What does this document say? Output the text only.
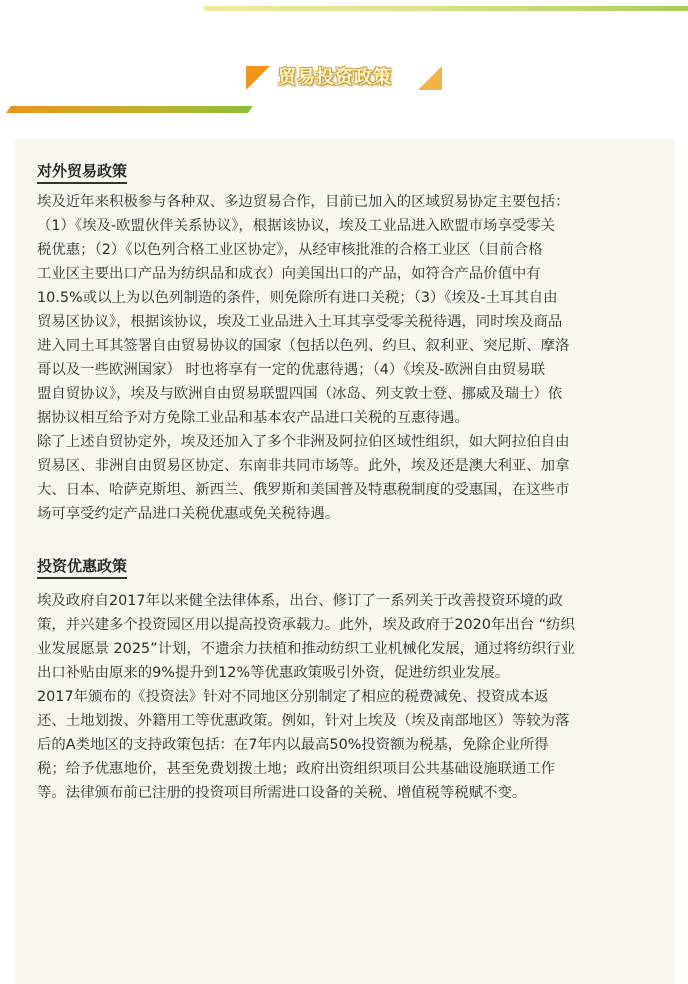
贸易投资政策
对外贸易政策

埃及近年来积极参与各种双、多边贸易合作，目前已加入的区域贸易协定主要包括：
（1）《埃及-欧盟伙伴关系协议》，根据该协议，埃及工业品进入欧盟市场享受零关
税优惠；（2）《以色列合格工业区协定》，从经审核批准的合格工业区（目前合格
工业区主要出口产品为纺织品和成衣）向美国出口的产品，如符合产品价值中有
10.5%或以上为以色列制造的条件，则免除所有进口关税；（3）《埃及-土耳其自由
贸易区协议》，根据该协议，埃及工业品进入土耳其享受零关税待遇，同时埃及商品
进入同土耳其签署自由贸易协议的国家（包括以色列、约旦、叙利亚、突尼斯、摩洛
哥以及一些欧洲国家） 时也将享有一定的优惠待遇；（4）《埃及-欧洲自由贸易联
盟自贸协议》，埃及与欧洲自由贸易联盟四国（冰岛、列支敦士登、挪威及瑞士）依
据协议相互给予对方免除工业品和基本农产品进口关税的互惠待遇。

除了上述自贸协定外，埃及还加入了多个非洲及阿拉伯区域性组织，如大阿拉伯自由
贸易区、非洲自由贸易区协定、东南非共同市场等。此外，埃及还是澳大利亚、加拿
大、日本、哈萨克斯坦、新西兰、俄罗斯和美国普及特惠税制度的受惠国，在这些市
场可享受约定产品进口关税优惠或免关税待遇。

投资优惠政策

埃及政府自2017年以来健全法律体系，出台、修订了一系列关于改善投资环境的政
策，并兴建多个投资园区用以提高投资承载力。此外，埃及政府于2020年出台 “纺织
业发展愿景 2025”计划，不遗余力扶植和推动纺织工业机械化发展，通过将纺织行业
出口补贴由原来的9%提升到12%等优惠政策吸引外资，促进纺织业发展。

2017年颁布的《投资法》针对不同地区分别制定了相应的税费减免、投资成本返
还、土地划拨、外籍用工等优惠政策。例如，针对上埃及（埃及南部地区）等较为落
后的A类地区的支持政策包括：在7年内以最高50%投资额为税基，免除企业所得
税；给予优惠地价，甚至免费划拨土地；政府出资组织项目公共基础设施联通工作
等。法律颁布前已注册的投资项目所需进口设备的关税、增值税等税赋不变。
